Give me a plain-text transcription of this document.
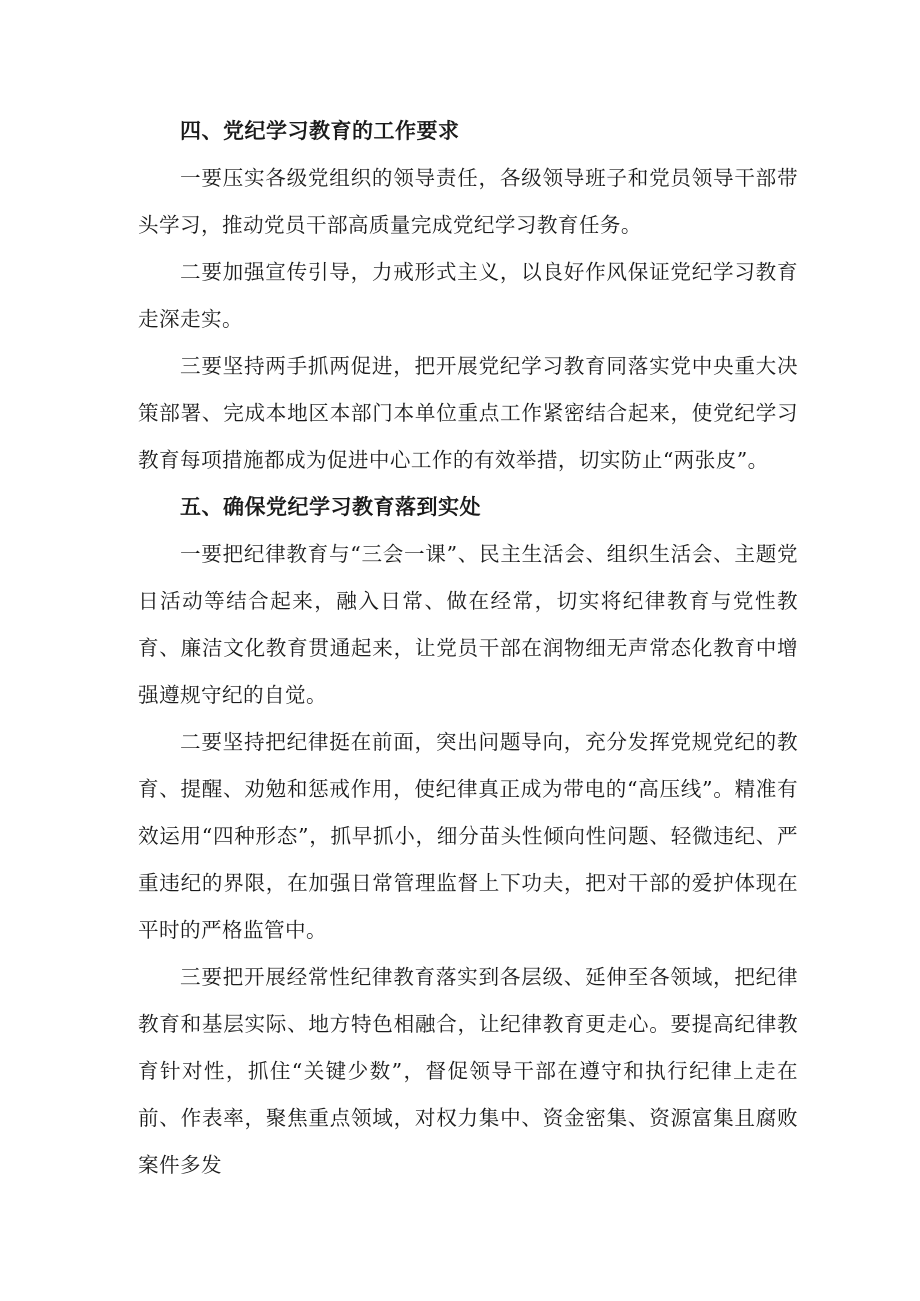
四、党纪学习教育的工作要求

一要压实各级党组织的领导责任，各级领导班子和党员领导干部带头学习，推动党员干部高质量完成党纪学习教育任务。

二要加强宣传引导，力戒形式主义，以良好作风保证党纪学习教育走深走实。

三要坚持两手抓两促进，把开展党纪学习教育同落实党中央重大决策部署、完成本地区本部门本单位重点工作紧密结合起来，使党纪学习教育每项措施都成为促进中心工作的有效举措，切实防止“两张皮”。

五、确保党纪学习教育落到实处

一要把纪律教育与“三会一课”、民主生活会、组织生活会、主题党日活动等结合起来，融入日常、做在经常，切实将纪律教育与党性教育、廉洁文化教育贯通起来，让党员干部在润物细无声常态化教育中增强遵规守纪的自觉。

二要坚持把纪律挺在前面，突出问题导向，充分发挥党规党纪的教育、提醒、劝勉和惩戒作用，使纪律真正成为带电的“高压线”。精准有效运用“四种形态”，抓早抓小，细分苗头性倾向性问题、轻微违纪、严重违纪的界限，在加强日常管理监督上下功夫，把对干部的爱护体现在平时的严格监管中。

三要把开展经常性纪律教育落实到各层级、延伸至各领域，把纪律教育和基层实际、地方特色相融合，让纪律教育更走心。要提高纪律教育针对性，抓住“关键少数”，督促领导干部在遵守和执行纪律上走在前、作表率，聚焦重点领域，对权力集中、资金密集、资源富集且腐败案件多发
